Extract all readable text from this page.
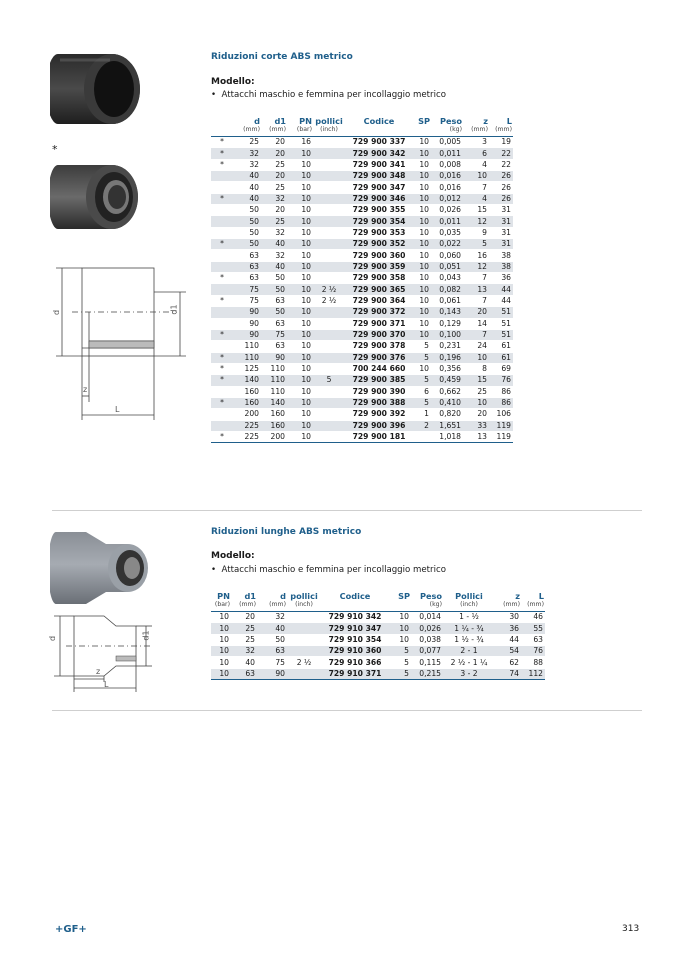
*
d	d1
z
L
Riduzioni corte ABS metrico
Modello:
•  Attacchi maschio e femmina per incollaggio metrico
	d	d1	PN	pollici	Codice	SP	Peso	z	L
	(mm)	(mm)	(bar)	(inch)			(kg)	(mm)	(mm)
*	25	20	16		729 900 337	10	0,005	3	19
*	32	20	10		729 900 342	10	0,011	6	22
*	32	25	10		729 900 341	10	0,008	4	22
	40	20	10		729 900 348	10	0,016	10	26
	40	25	10		729 900 347	10	0,016	7	26
*	40	32	10		729 900 346	10	0,012	4	26
	50	20	10		729 900 355	10	0,026	15	31
	50	25	10		729 900 354	10	0,011	12	31
	50	32	10		729 900 353	10	0,035	9	31
*	50	40	10		729 900 352	10	0,022	5	31
	63	32	10		729 900 360	10	0,060	16	38
	63	40	10		729 900 359	10	0,051	12	38
*	63	50	10		729 900 358	10	0,043	7	36
	75	50	10	2 ½	729 900 365	10	0,082	13	44
*	75	63	10	2 ½	729 900 364	10	0,061	7	44
	90	50	10		729 900 372	10	0,143	20	51
	90	63	10		729 900 371	10	0,129	14	51
*	90	75	10		729 900 370	10	0,100	7	51
	110	63	10		729 900 378	5	0,231	24	61
*	110	90	10		729 900 376	5	0,196	10	61
*	125	110	10		700 244 660	10	0,356	8	69
*	140	110	10	5	729 900 385	5	0,459	15	76
	160	110	10		729 900 390	6	0,662	25	86
*	160	140	10		729 900 388	5	0,410	10	86
	200	160	10		729 900 392	1	0,820	20	106
	225	160	10		729 900 396	2	1,651	33	119
*	225	200	10		729 900 181		1,018	13	119
d	d1
z
L
Riduzioni lunghe ABS metrico
Modello:
•  Attacchi maschio e femmina per incollaggio metrico
PN	d1	d	pollici	Codice	SP	Peso	Pollici	z	L
(bar)	(mm)	(mm)	(inch)			(kg)	(inch)	(mm)	(mm)
10	20	32		729 910 342	10	0,014	1 - ½	30	46
10	25	40		729 910 347	10	0,026	1 ¼ - ¾	36	55
10	25	50		729 910 354	10	0,038	1 ½ - ¾	44	63
10	32	63		729 910 360	5	0,077	2 - 1	54	76
10	40	75	2 ½	729 910 366	5	0,115	2 ½ - 1 ¼	62	88
10	63	90		729 910 371	5	0,215	3 - 2	74	112
+GF+	313
